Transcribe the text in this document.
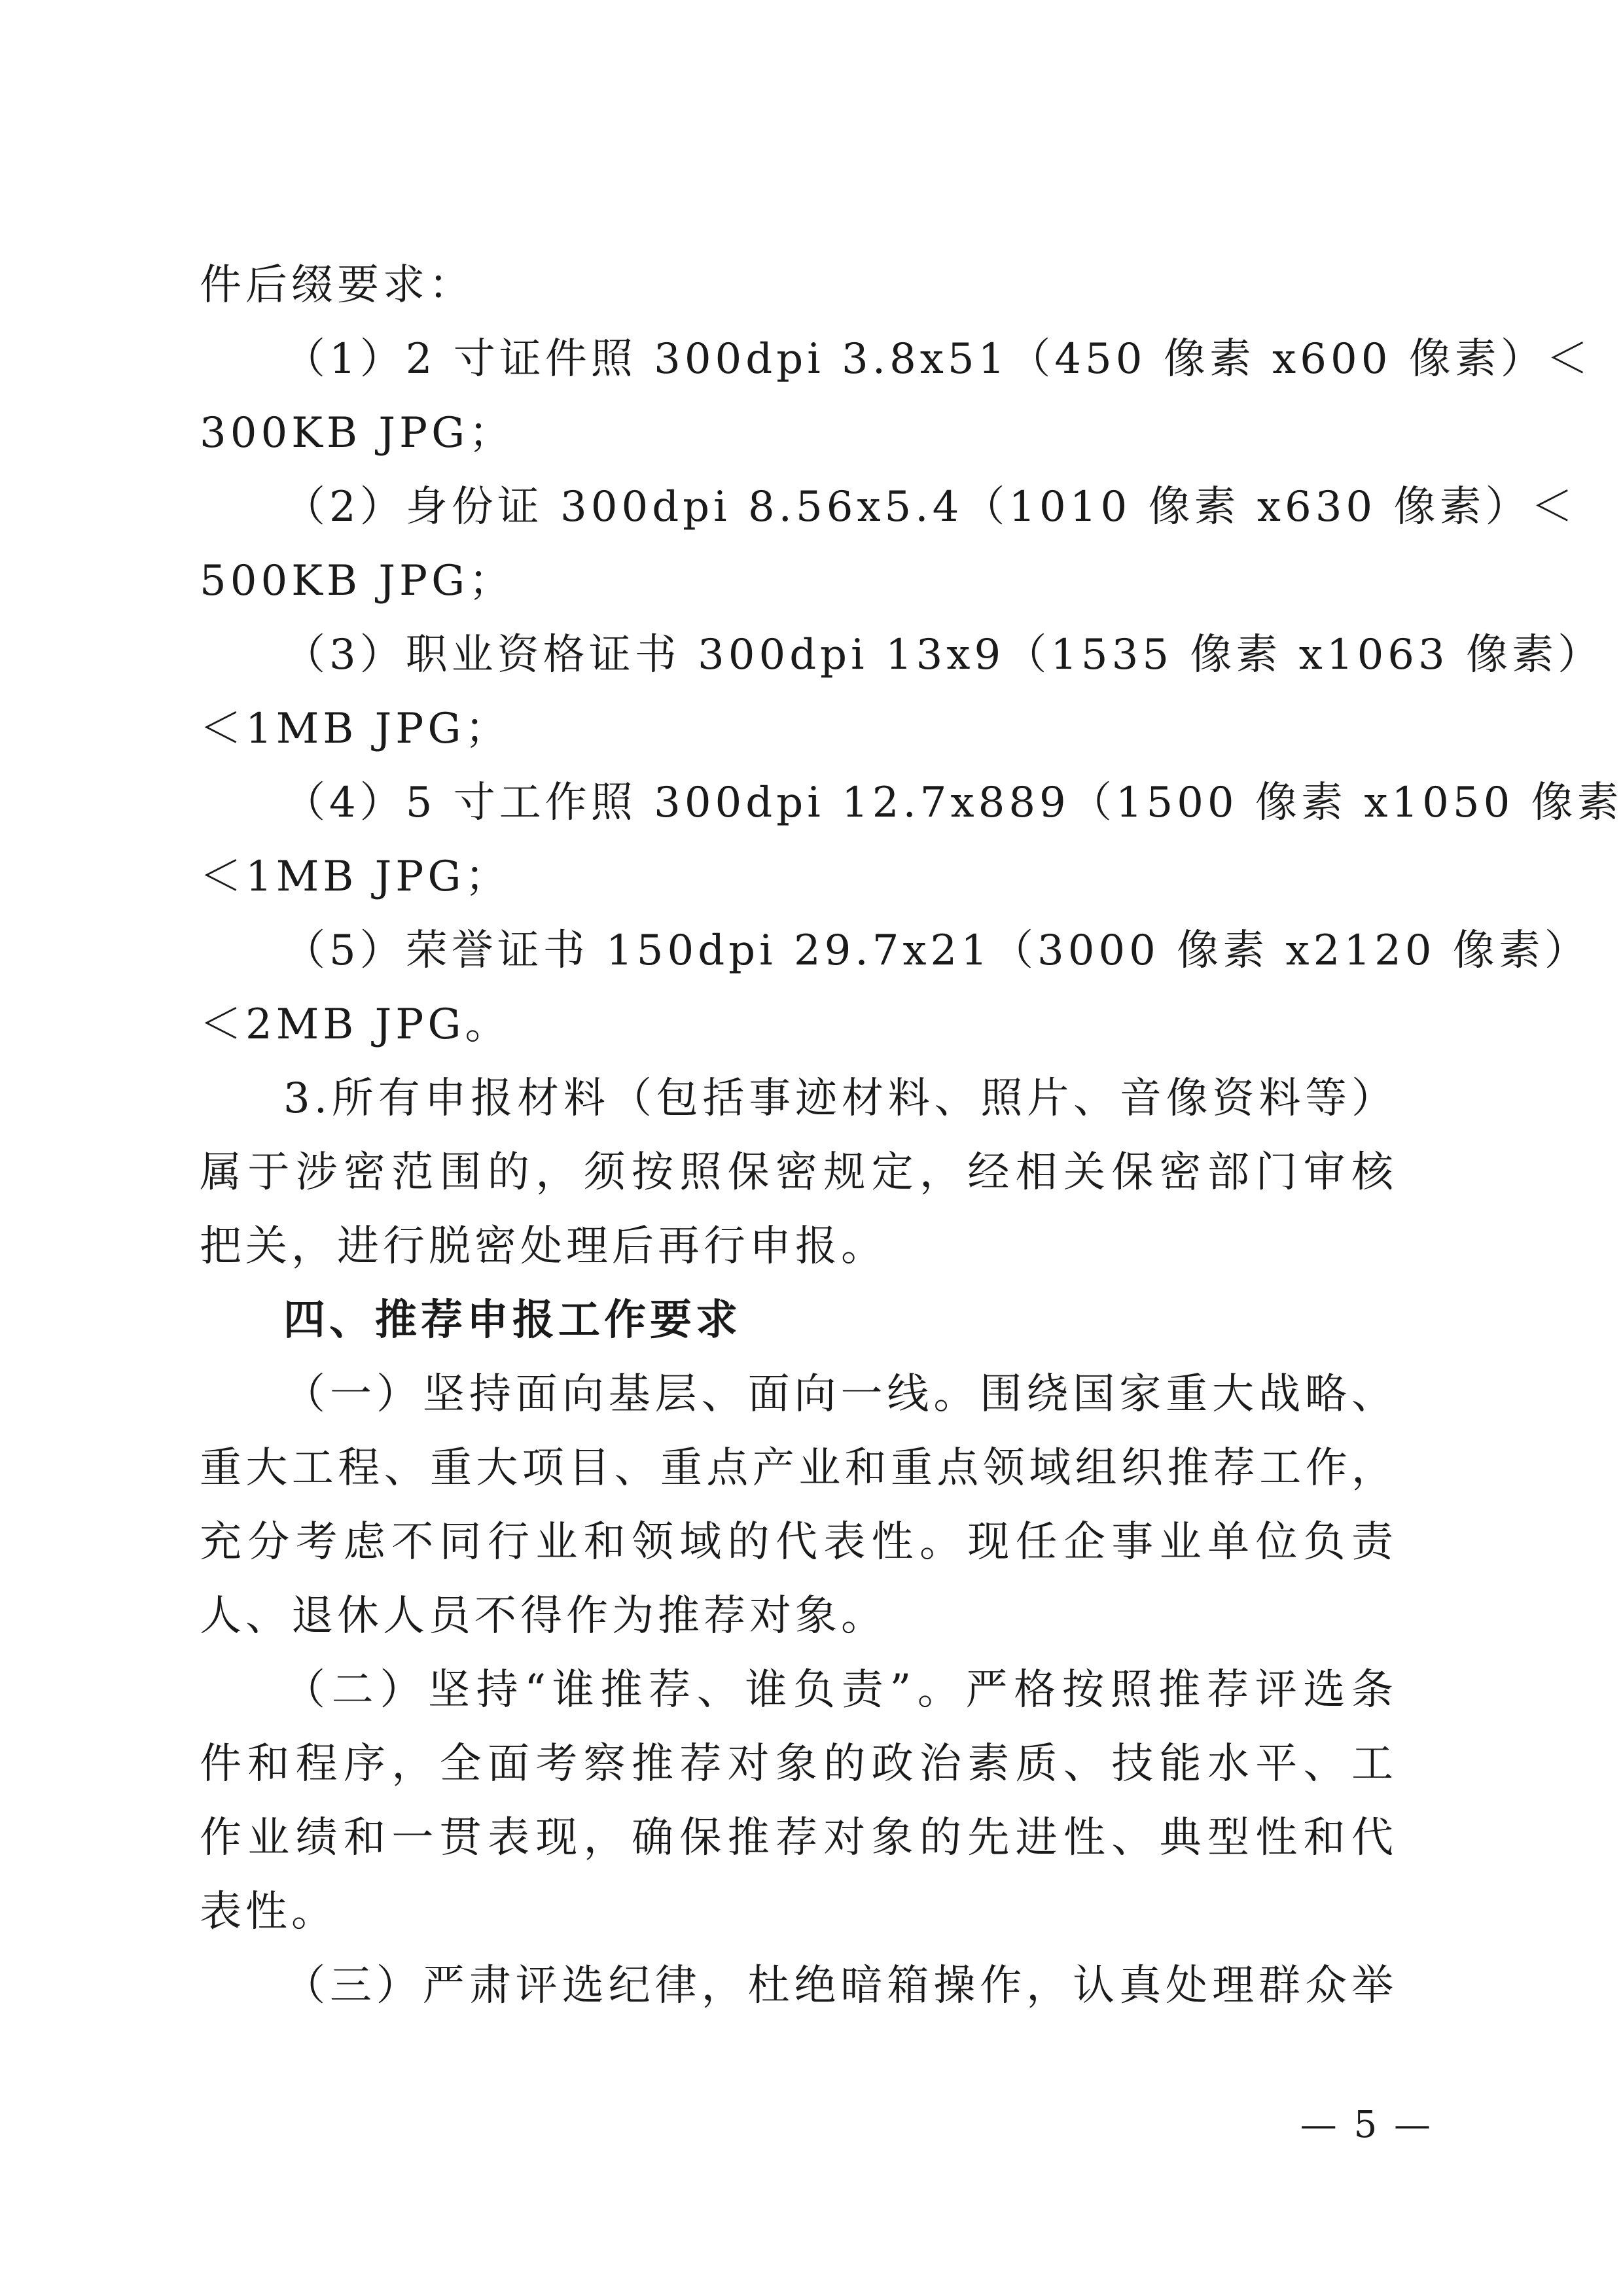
件后缀要求：
（1）2 寸证件照 300dpi 3.8x51（450 像素 x600 像素）＜
300KB JPG；
（2）身份证 300dpi 8.56x5.4（1010 像素 x630 像素）＜
500KB JPG；
（3）职业资格证书 300dpi 13x9（1535 像素 x1063 像素）
＜1MB JPG；
（4）5 寸工作照 300dpi 12.7x889（1500 像素 x1050 像素
＜1MB JPG；
（5）荣誉证书 150dpi 29.7x21（3000 像素 x2120 像素）
＜2MB JPG。
3.所有申报材料（包括事迹材料、照片、音像资料等）
属于涉密范围的，须按照保密规定，经相关保密部门审核
把关，进行脱密处理后再行申报。
四、推荐申报工作要求
（一）坚持面向基层、面向一线。围绕国家重大战略、
重大工程、重大项目、重点产业和重点领域组织推荐工作，
充分考虑不同行业和领域的代表性。现任企事业单位负责
人、退休人员不得作为推荐对象。
（二）坚持“谁推荐、谁负责”。严格按照推荐评选条
件和程序，全面考察推荐对象的政治素质、技能水平、工
作业绩和一贯表现，确保推荐对象的先进性、典型性和代
表性。
（三）严肃评选纪律，杜绝暗箱操作，认真处理群众举
— 5 —
